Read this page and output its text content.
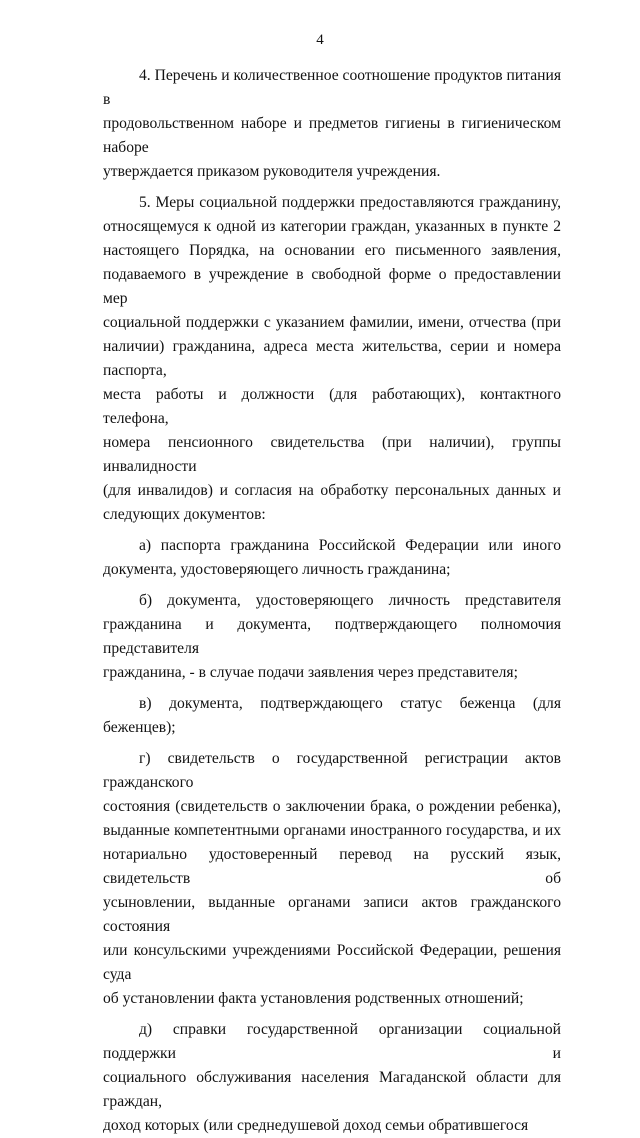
4
4. Перечень и количественное соотношение продуктов питания в
продовольственном наборе и предметов гигиены в гигиеническом наборе
утверждается приказом руководителя учреждения.
5. Меры социальной поддержки предоставляются гражданину,
относящемуся к одной из категории граждан, указанных в пункте 2
настоящего Порядка, на основании его письменного заявления,
подаваемого в учреждение в свободной форме о предоставлении мер
социальной поддержки с указанием фамилии, имени, отчества (при
наличии) гражданина, адреса места жительства, серии и номера паспорта,
места работы и должности (для работающих), контактного телефона,
номера пенсионного свидетельства (при наличии), группы инвалидности
(для инвалидов) и согласия на обработку персональных данных и
следующих документов:
а) паспорта гражданина Российской Федерации или иного
документа, удостоверяющего личность гражданина;
б) документа, удостоверяющего личность представителя
гражданина и документа, подтверждающего полномочия представителя
гражданина, - в случае подачи заявления через представителя;
в) документа, подтверждающего статус беженца (для беженцев);
г) свидетельств о государственной регистрации актов гражданского
состояния (свидетельств о заключении брака, о рождении ребенка),
выданные компетентными органами иностранного государства, и их
нотариально удостоверенный перевод на русский язык, свидетельств об
усыновлении, выданные органами записи актов гражданского состояния
или консульскими учреждениями Российской Федерации, решения суда
об установлении факта установления родственных отношений;
д) справки государственной организации социальной поддержки и
социального обслуживания населения Магаданской области для граждан,
доход которых (или среднедушевой доход семьи обратившегося
